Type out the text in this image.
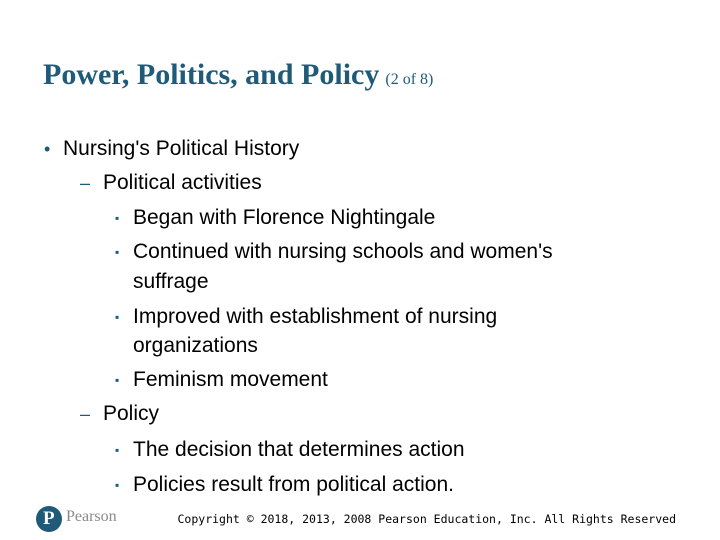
Power, Politics, and Policy (2 of 8)
• Nursing's Political History
– Political activities
▪ Began with Florence Nightingale
▪ Continued with nursing schools and women's
suffrage
▪ Improved with establishment of nursing
organizations
▪ Feminism movement
– Policy
▪ The decision that determines action
▪ Policies result from political action.
P
Pearson	Copyright © 2018, 2013, 2008 Pearson Education, Inc. All Rights Reserved
